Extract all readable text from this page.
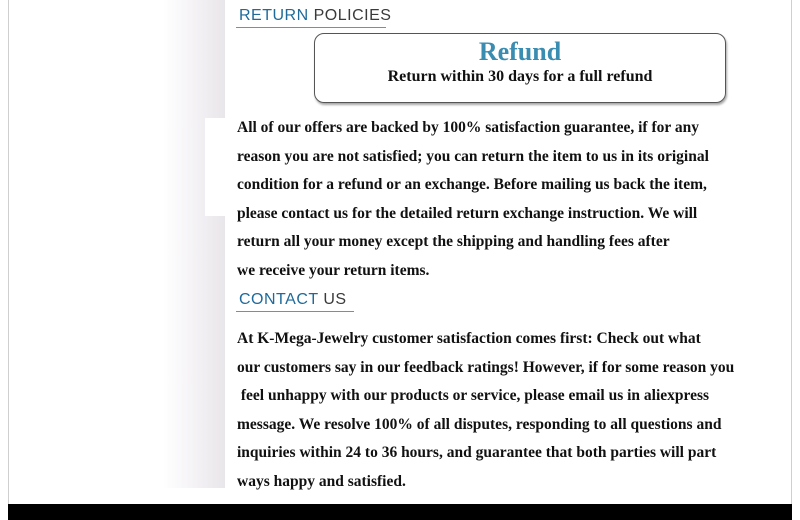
RETURN POLICIES
Refund
Return within 30 days for a full refund
All of our offers are backed by 100% satisfaction guarantee, if for any
reason you are not satisfied; you can return the item to us in its original
condition for a refund or an exchange. Before mailing us back the item,
please contact us for the detailed return exchange instruction. We will
return all your money except the shipping and handling fees after
we receive your return items.
CONTACT US
At K-Mega-Jewelry customer satisfaction comes first: Check out what
our customers say in our feedback ratings! However, if for some reason you
feel unhappy with our products or service, please email us in aliexpress
message. We resolve 100% of all disputes, responding to all questions and
inquiries within 24 to 36 hours, and guarantee that both parties will part
ways happy and satisfied.
